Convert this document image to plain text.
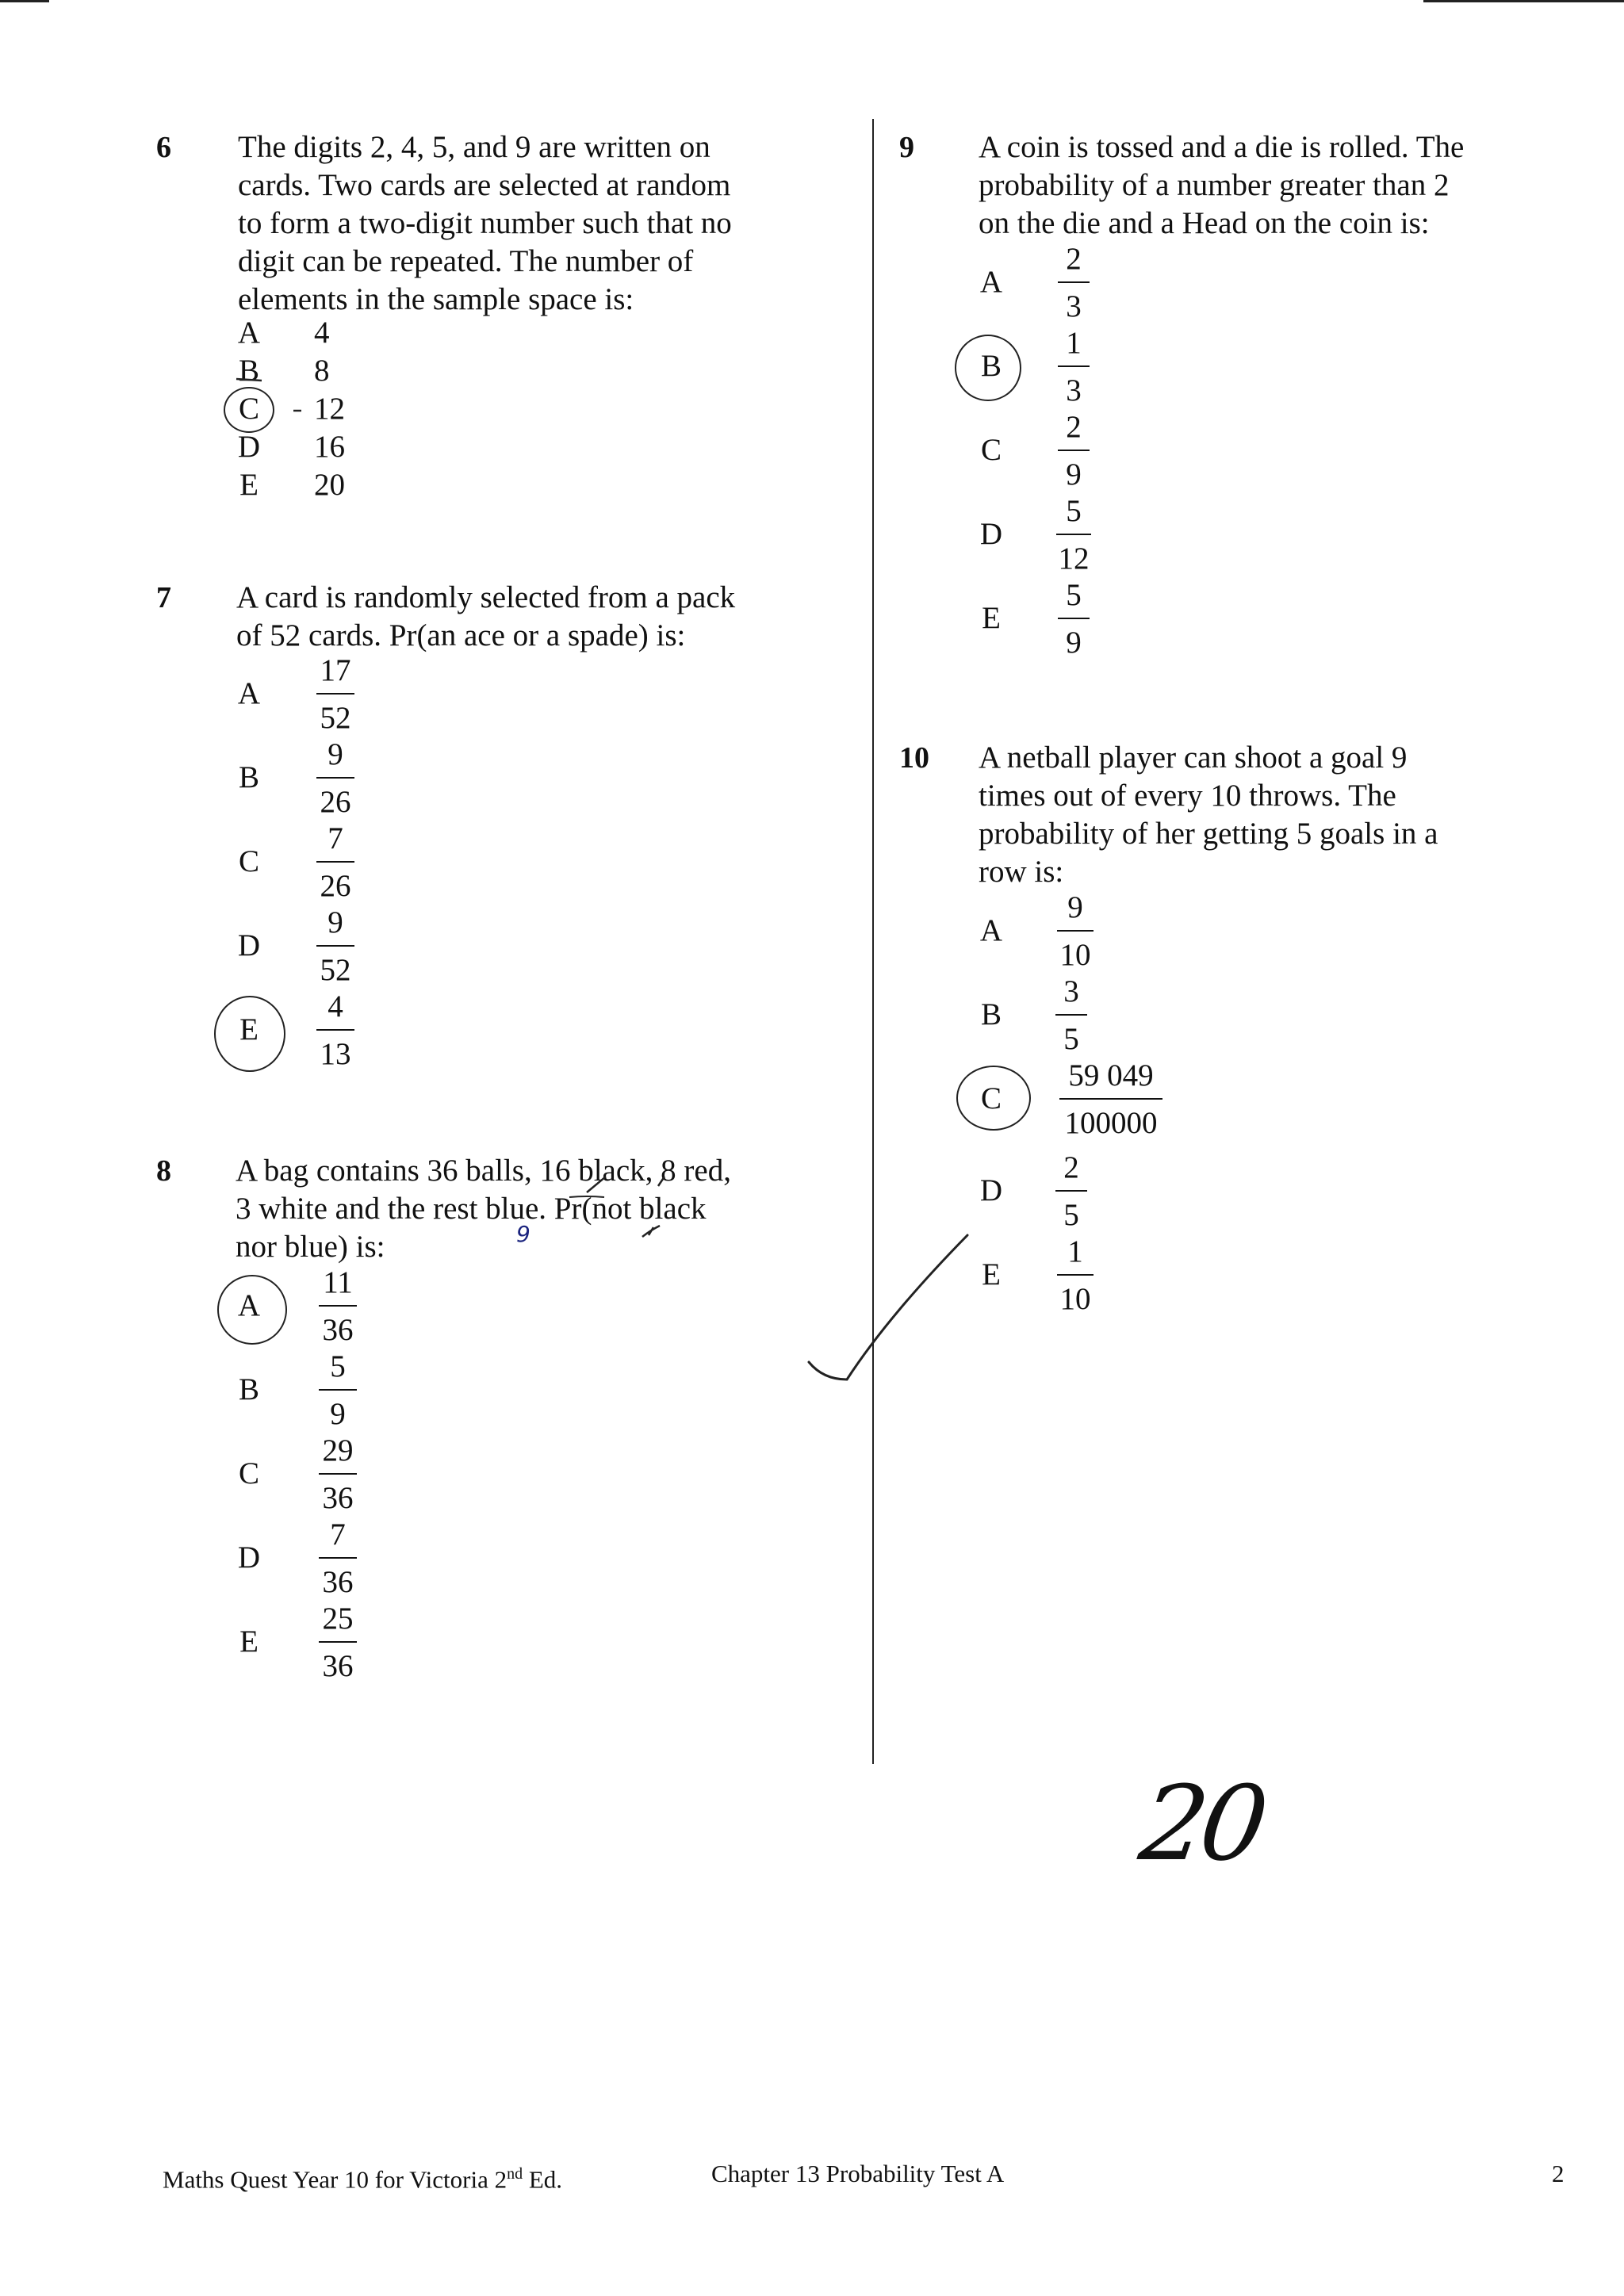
6 The digits 2, 4, 5, and 9 are written on
cards. Two cards are selected at random
to form a two-digit number such that no
digit can be repeated. The number of
elements in the sample space is:
A 4
B 8
C 12
D 16
E 20
7 A card is randomly selected from a pack
of 52 cards. Pr(an ace or a spade) is:
A
17
52
B
9
26
C
7
26
D
9
52
E
4
13
8 A bag contains 36 balls, 16 black, 8 red,
3 white and the rest blue. Pr(not black
nor blue) is:
A
11
36
B
5
9
C
29
36
D
7
36
E
25
36
9
9 A coin is tossed and a die is rolled. The
probability of a number greater than 2
on the die and a Head on the coin is:
A
2
3
B
1
3
C
2
9
D
5
12
E
5
9
10 A netball player can shoot a goal 9
times out of every 10 throws. The
probability of her getting 5 goals in a
row is:
A
9
10
B
3
5
C
59 049
100000
D
2
5
E
1
10
20
Maths Quest Year 10 for Victoria 2nd Ed.	Chapter 13 Probability Test A	2
